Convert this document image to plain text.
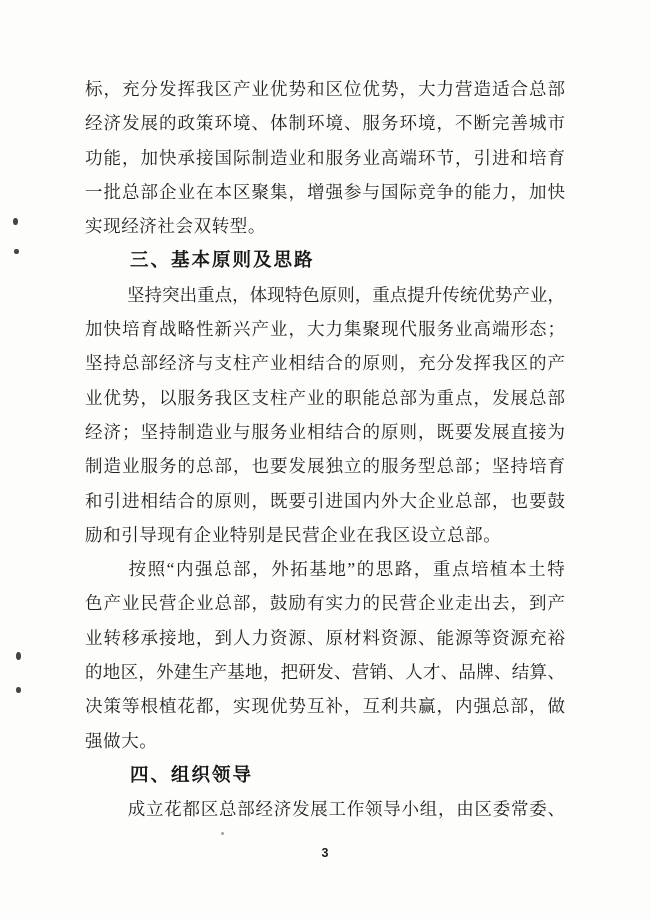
标 ， 充 分 发 挥 我 区 产 业 优 势 和 区 位 优 势 ， 大 力 营 造 适 合 总 部
经 济 发 展 的 政 策 环 境 、 体 制 环 境 、 服 务 环 境 ， 不 断 完 善 城 市
功 能 ， 加 快 承 接 国 际 制 造 业 和 服 务 业 高 端 环 节 ， 引 进 和 培 育
一 批 总 部 企 业 在 本 区 聚 集 ， 增 强 参 与 国 际 竞 争 的 能 力 ， 加 快
实现经济社会双转型。
三、基本原则及思路
坚 持 突 出 重 点 ， 体 现 特 色 原 则 ， 重 点 提 升 传 统 优 势 产 业 ，
加 快 培 育 战 略 性 新 兴 产 业 ， 大 力 集 聚 现 代 服 务 业 高 端 形 态 ；
坚 持 总 部 经 济 与 支 柱 产 业 相 结 合 的 原 则 ， 充 分 发 挥 我 区 的 产
业 优 势 ， 以 服 务 我 区 支 柱 产 业 的 职 能 总 部 为 重 点 ， 发 展 总 部
经 济 ； 坚 持 制 造 业 与 服 务 业 相 结 合 的 原 则 ， 既 要 发 展 直 接 为
制 造 业 服 务 的 总 部 ， 也 要 发 展 独 立 的 服 务 型 总 部 ； 坚 持 培 育
和 引 进 相 结 合 的 原 则 ， 既 要 引 进 国 内 外 大 企 业 总 部 ， 也 要 鼓
励和引导现有企业特别是民营企业在我区设立总部。
按 照 “ 内 强 总 部 ， 外 拓 基 地 ” 的 思 路 ， 重 点 培 植 本 土 特
色 产 业 民 营 企 业 总 部 ， 鼓 励 有 实 力 的 民 营 企 业 走 出 去 ， 到 产
业 转 移 承 接 地 ， 到 人 力 资 源 、 原 材 料 资 源 、 能 源 等 资 源 充 裕
的 地 区 ， 外 建 生 产 基 地 ， 把 研 发 、 营 销 、 人 才 、 品 牌 、 结 算 、
决 策 等 根 植 花 都 ， 实 现 优 势 互 补 ， 互 利 共 赢 ， 内 强 总 部 ， 做
强做大。
四、组织领导
成 立 花 都 区 总 部 经 济 发 展 工 作 领 导 小 组 ， 由 区 委 常 委 、
3
